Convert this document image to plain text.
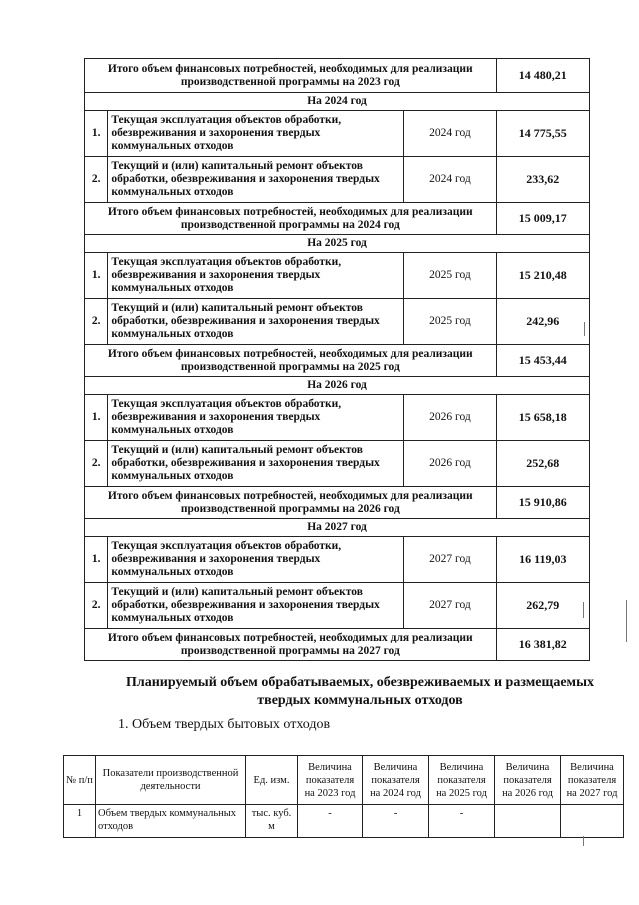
Итого объем финансовых потребностей, необходимых для реализации производственной программы на 2023 год			14 480,21
На 2024 год			
1.	Текущая эксплуатация объектов обработки, обезвреживания и захоронения твердых коммунальных отходов	2024 год	14 775,55
2.	Текущий и (или) капитальный ремонт объектов обработки, обезвреживания и захоронения твердых коммунальных отходов	2024 год	233,62
Итого объем финансовых потребностей, необходимых для реализации производственной программы на 2024 год			15 009,17
На 2025 год			
1.	Текущая эксплуатация объектов обработки, обезвреживания и захоронения твердых коммунальных отходов	2025 год	15 210,48
2.	Текущий и (или) капитальный ремонт объектов обработки, обезвреживания и захоронения твердых коммунальных отходов	2025 год	242,96
Итого объем финансовых потребностей, необходимых для реализации производственной программы на 2025 год			15 453,44
На 2026 год			
1.	Текущая эксплуатация объектов обработки, обезвреживания и захоронения твердых коммунальных отходов	2026 год	15 658,18
2.	Текущий и (или) капитальный ремонт объектов обработки, обезвреживания и захоронения твердых коммунальных отходов	2026 год	252,68
Итого объем финансовых потребностей, необходимых для реализации производственной программы на 2026 год			15 910,86
На 2027 год			
1.	Текущая эксплуатация объектов обработки, обезвреживания и захоронения твердых коммунальных отходов	2027 год	16 119,03
2.	Текущий и (или) капитальный ремонт объектов обработки, обезвреживания и захоронения твердых коммунальных отходов	2027 год	262,79
Итого объем финансовых потребностей, необходимых для реализации производственной программы на 2027 год			16 381,82
Планируемый объем обрабатываемых, обезвреживаемых и размещаемых твердых коммунальных отходов
1. Объем твердых бытовых отходов
№ п/п	Показатели производственной деятельности	Ед. изм.	Величина показателя на 2023 год	Величина показателя на 2024 год	Величина показателя на 2025 год	Величина показателя на 2026 год	Величина показателя на 2027 год
1	Объем твердых коммунальных отходов	тыс. куб. м	-	-	-		
